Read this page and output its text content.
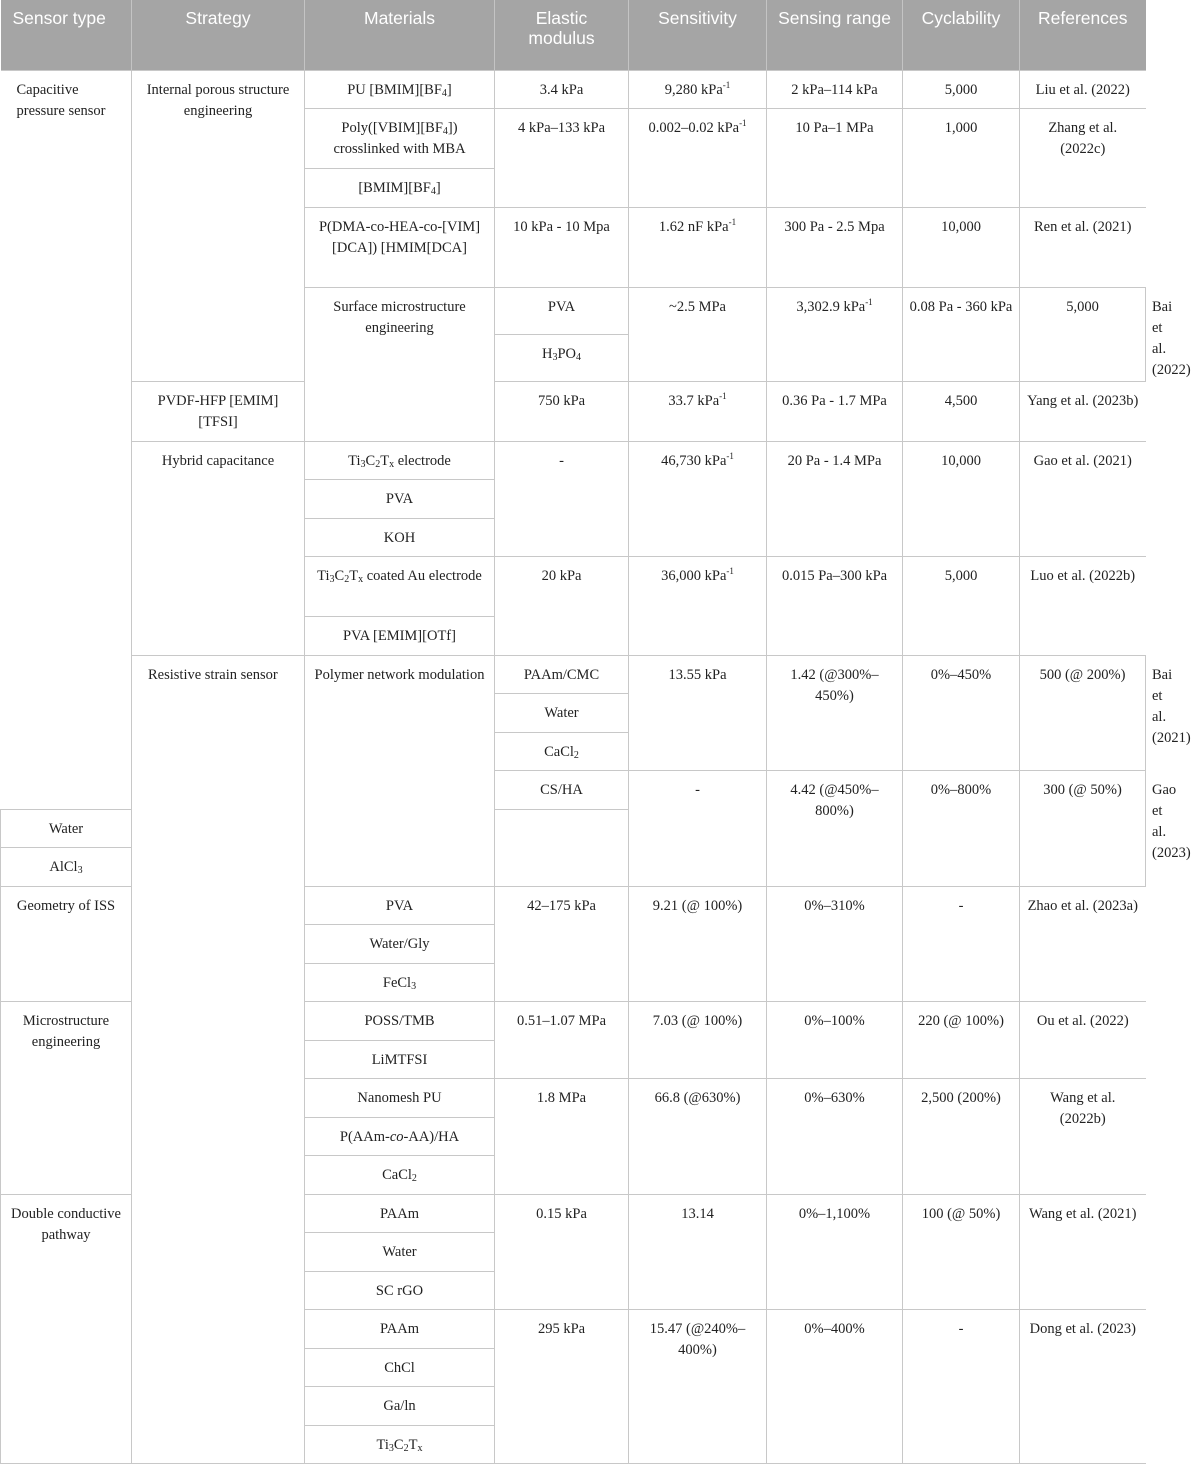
Sensor type	Strategy	Materials	Elastic modulus	Sensitivity	Sensing range	Cyclability	References	
Capacitive pressure sensor	Internal porous structure engineering	PU $[BMIM][BF_4]$	3.4 kPa	9,280 kPa$^{-1}$	2 kPa–114 kPa	5,000	Liu et al. (2022)	
		$Poly([VBIM][BF_4])$ crosslinked with MBA	4 kPa–133 kPa	0.002–0.02 kPa$^{-1}$	10 Pa–1 MPa	1,000	Zhang et al. (2022c)	
		$[BMIM][BF_4]$						
		P(DMA-co-HEA-co-[VIM][DCA]) [HMIM[DCA]	10 kPa - 10 Mpa	1.62 nF kPa$^{-1}$	300 Pa - 2.5 Mpa	10,000	Ren et al. (2021)	
		Surface microstructure engineering	PVA	~2.5 MPa	3,302.9 kPa$^{-1}$	0.08 Pa - 360 kPa	5,000	Bai et al. (2022)
			$H_3PO_4$
	PVDF-HFP [EMIM][TFSI]		750 kPa	33.7 kPa$^{-1}$	0.36 Pa - 1.7 MPa	4,500	Yang et al. (2023b)	
	Hybrid capacitance	$Ti_3C_2T_x$ electrode	-	46,730 kPa$^{-1}$	20 Pa - 1.4 MPa	10,000	Gao et al. (2021)	
		PVA						
		KOH						
		$Ti_3C_2T_x$ coated Au electrode	20 kPa	36,000 kPa$^{-1}$	0.015 Pa–300 kPa	5,000	Luo et al. (2022b)	
		PVA [EMIM][OTf]						
	Resistive strain sensor	Polymer network modulation	PAAm/CMC	13.55 kPa	1.42 (@300%–450%)	0%–450%	500 (@ 200%)	Bai et al. (2021)
			Water					
			CaCl$_2$
			CS/HA	-	4.42 (@450%–800%)	0%–800%	300 (@ 50%)	Gao et al. (2023)
Water								
AlCl$_3$
Geometry of ISS		PVA	42–175 kPa	9.21 (@ 100%)	0%–310%	-	Zhao et al. (2023a)	
		Water/Gly						
		FeCl$_3$
Microstructure engineering		POSS/TMB	0.51–1.07 MPa	7.03 (@ 100%)	0%–100%	220 (@ 100%)	Ou et al. (2022)	
		LiMTFSI						
		Nanomesh PU	1.8 MPa	66.8 (@630%)	0%–630%	2,500 (200%)	Wang et al. (2022b)	
		P(AAm-co-AA)/HA						
		CaCl$_2$
Double conductive pathway		PAAm	0.15 kPa	13.14	0%–1,100%	100 (@ 50%)	Wang et al. (2021)	
		Water						
		SC rGO						
		PAAm	295 kPa	15.47 (@240%–400%)	0%–400%	-	Dong et al. (2023)	
		ChCl						
		Ga/ln						
		$Ti_3C_2T_x$
